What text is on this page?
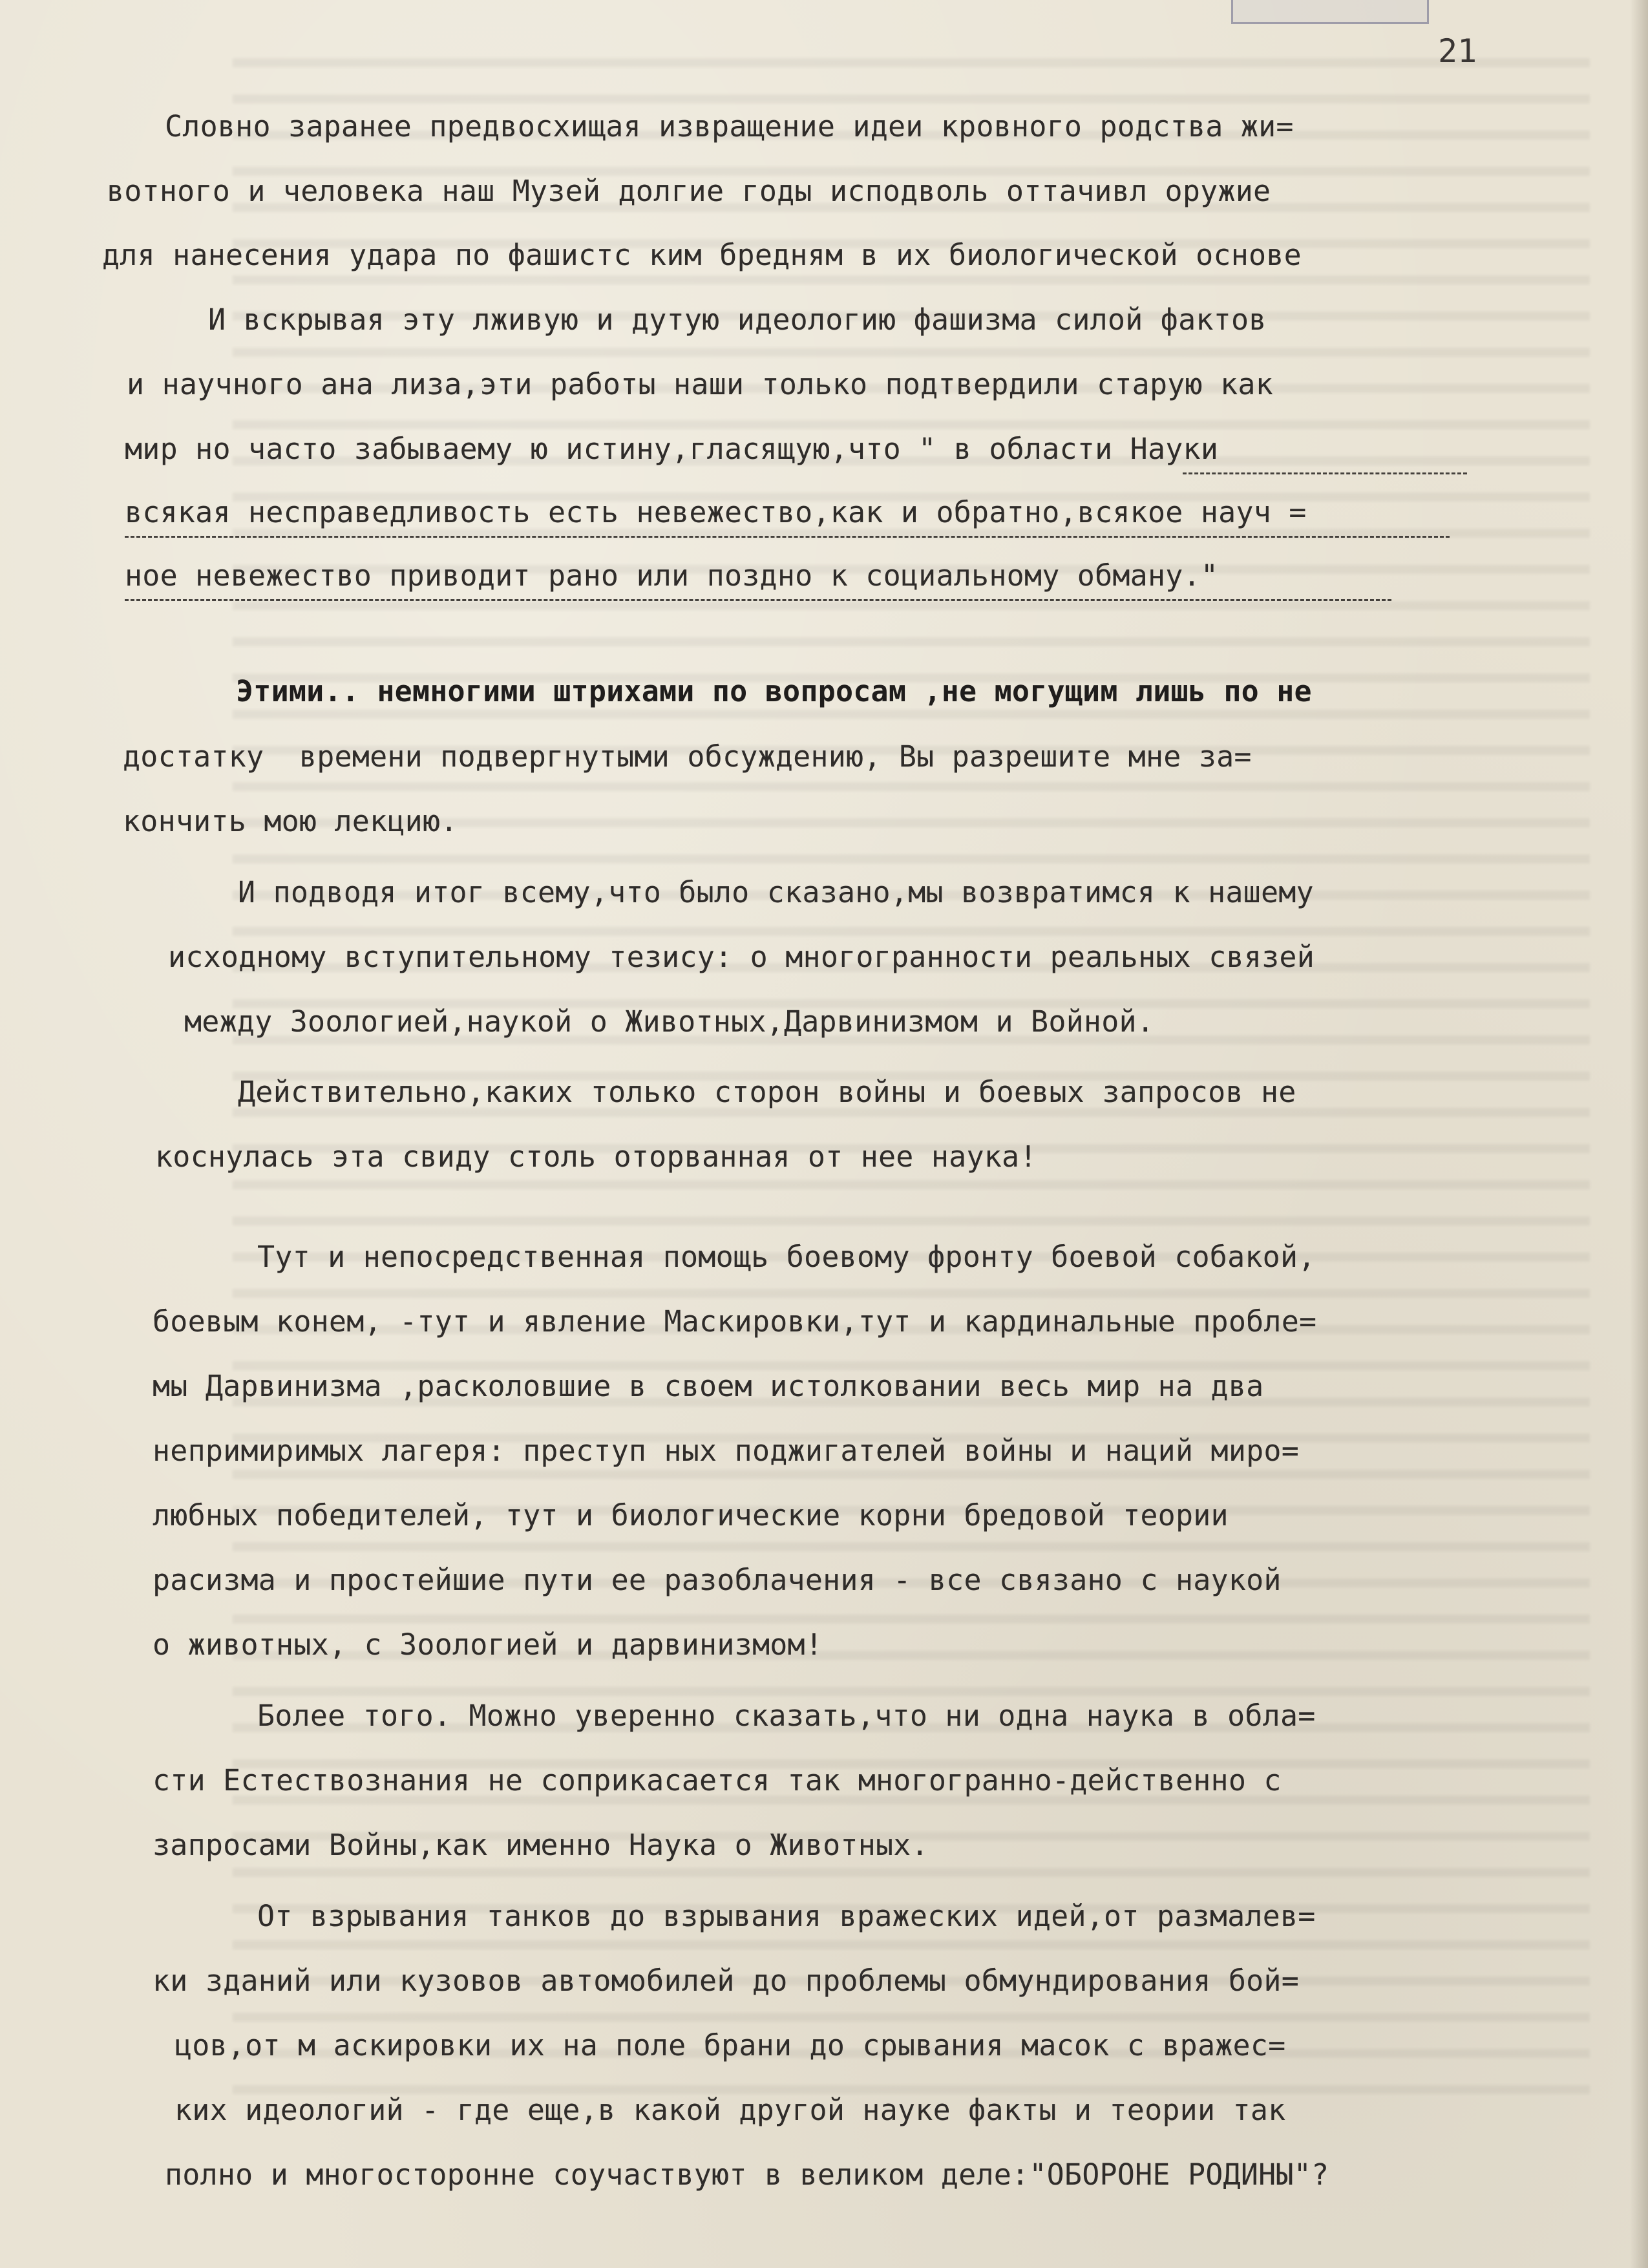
21
Словно заранее предвосхищая извращение идеи кровного родства жи=
вотного и человека наш Музей долгие годы исподволь оттачивл оружие
для нанесения удара по фашистс ким бредням в их биологической основе
И вскрывая эту лживую и дутую идеологию фашизма силой фактов
и научного ана лиза,эти работы наши только подтвердили старую как
мир но часто забываему ю истину,гласящую,что " в области Науки
всякая несправедливость есть невежество,как и обратно,всякое науч =
ное невежество приводит рано или поздно к социальному обману."
Этими.. немногими штрихами по вопросам ,не могущим лишь по не
достатку  времени подвергнутыми обсуждению, Вы разрешите мне за=
кончить мою лекцию.
И подводя итог всему,что было сказано,мы возвратимся к нашему
исходному вступительному тезису: о многогранности реальных связей
между Зоологией,наукой о Животных,Дарвинизмом и Войной.
Действительно,каких только сторон войны и боевых запросов не
коснулась эта свиду столь оторванная от нее наука!
Тут и непосредственная помощь боевому фронту боевой собакой,
боевым конем, -тут и явление Маскировки,тут и кардинальные пробле=
мы Дарвинизма ,расколовшие в своем истолковании весь мир на два
непримиримых лагеря: преступ ных поджигателей войны и наций миро=
любных победителей, тут и биологические корни бредовой теории
расизма и простейшие пути ее разоблачения - все связано с наукой
о животных, с Зоологией и дарвинизмом!
Более того. Можно уверенно сказать,что ни одна наука в обла=
сти Естествознания не соприкасается так многогранно-действенно с
запросами Войны,как именно Наука о Животных.
От взрывания танков до взрывания вражеских идей,от размалев=
ки зданий или кузовов автомобилей до проблемы обмундирования бой=
цов,от м аскировки их на поле брани до срывания масок с вражес=
ких идеологий - где еще,в какой другой науке факты и теории так
полно и многосторонне соучаствуют в великом деле:"ОБОРОНЕ РОДИНЫ"?
